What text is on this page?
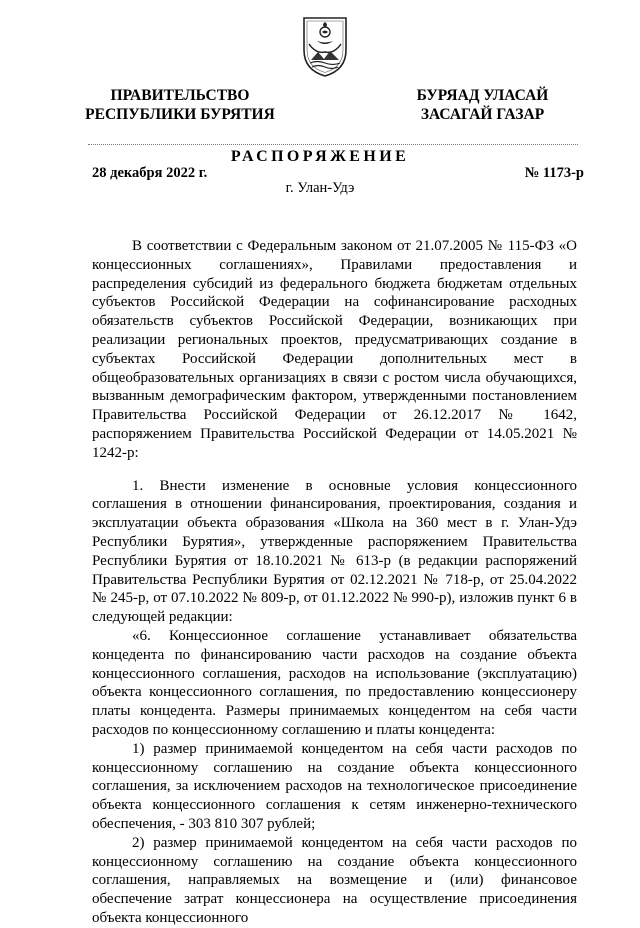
ПРАВИТЕЛЬСТВО
РЕСПУБЛИКИ БУРЯТИЯ
БУРЯАД УЛАСАЙ
ЗАСАГАЙ ГАЗАР
РАСПОРЯЖЕНИЕ
28 декабря 2022 г.	№ 1173-р
г. Улан-Удэ

В соответствии с Федеральным законом от 21.07.2005 № 115-ФЗ «О концессионных соглашениях», Правилами предоставления и распределения субсидий из федерального бюджета бюджетам отдельных субъектов Российской Федерации на софинансирование расходных обязательств субъектов Российской Федерации, возникающих при реализации региональных проектов, предусматривающих создание в субъектах Российской Федерации дополнительных мест в общеобразовательных организациях в связи с ростом числа обучающихся, вызванным демографическим фактором, утвержденными постановлением Правительства Российской Федерации от 26.12.2017 № 1642, распоряжением Правительства Российской Федерации от 14.05.2021 № 1242-р:

1. Внести изменение в основные условия концессионного соглашения в отношении финансирования, проектирования, создания и эксплуатации объекта образования «Школа на 360 мест в г. Улан-Удэ Республики Бурятия», утвержденные распоряжением Правительства Республики Бурятия от 18.10.2021 № 613-р (в редакции распоряжений Правительства Республики Бурятия от 02.12.2021 № 718-р, от 25.04.2022 № 245-р, от 07.10.2022 № 809-р, от 01.12.2022 № 990-р), изложив пункт 6 в следующей редакции:

«6. Концессионное соглашение устанавливает обязательства концедента по финансированию части расходов на создание объекта концессионного соглашения, расходов на использование (эксплуатацию) объекта концессионного соглашения, по предоставлению концессионеру платы концедента. Размеры принимаемых концедентом на себя части расходов по концессионному соглашению и платы концедента:

1) размер принимаемой концедентом на себя части расходов по концессионному соглашению на создание объекта концессионного соглашения, за исключением расходов на технологическое присоединение объекта концессионного соглашения к сетям инженерно-технического обеспечения, - 303 810 307 рублей;

2) размер принимаемой концедентом на себя части расходов по концессионному соглашению на создание объекта концессионного соглашения, направляемых на возмещение и (или) финансовое обеспечение затрат концессионера на осуществление присоединения объекта концессионного
